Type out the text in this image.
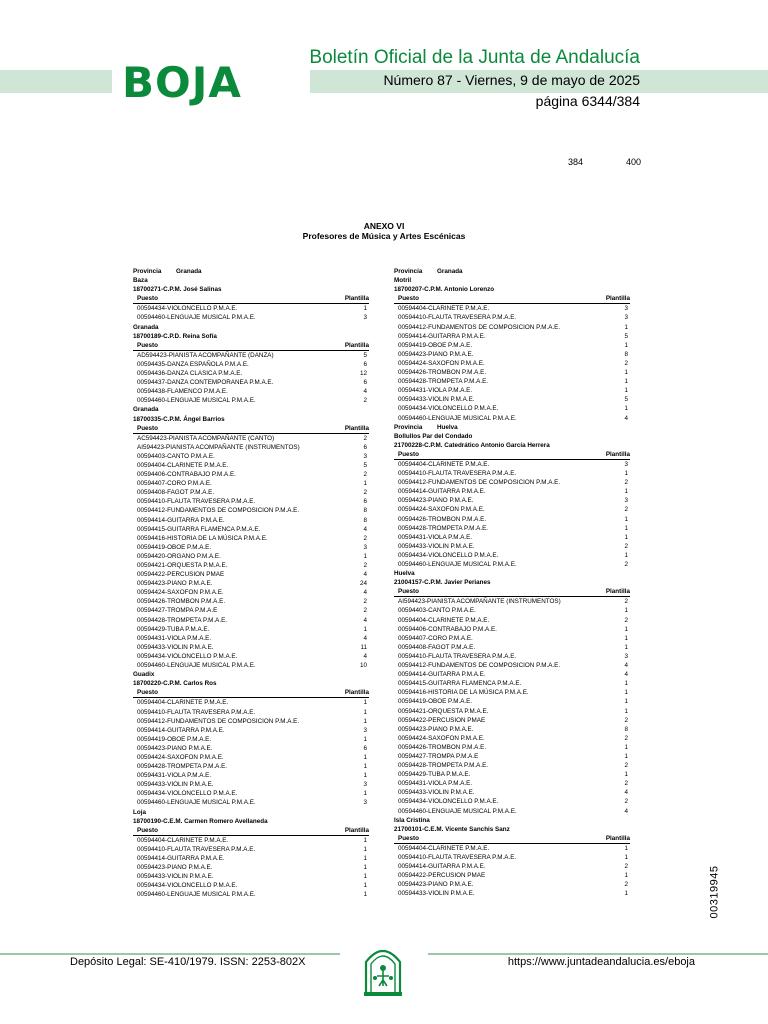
BOJA
Boletín Oficial de la Junta de Andalucía
Número 87 - Viernes, 9 de mayo de 2025
página 6344/384
384	400
ANEXO VI
Profesores de Música y Artes Escénicas
Provincia Granada
Baza
18700271-C.P.M. José Salinas
Puesto	Plantilla
00594434-VIOLONCELLO P.M.A.E.	1
00594460-LENGUAJE MUSICAL P.M.A.E.	3
Granada
18700189-C.P.D. Reina Sofía
Puesto	Plantilla
AD594423-PIANISTA ACOMPAÑANTE (DANZA)	5
00594435-DANZA ESPAÑOLA P.M.A.E.	6
00594436-DANZA CLASICA P.M.A.E.	12
00594437-DANZA CONTEMPORANEA P.M.A.E.	6
00594438-FLAMENCO P.M.A.E.	4
00594460-LENGUAJE MUSICAL P.M.A.E.	2
Granada
18700335-C.P.M. Ángel Barrios
Puesto	Plantilla
AC594423-PIANISTA ACOMPAÑANTE (CANTO)	2
AI594423-PIANISTA ACOMPAÑANTE (INSTRUMENTOS)	6
00594403-CANTO P.M.A.E.	3
00594404-CLARINETE P.M.A.E.	5
00594406-CONTRABAJO P.M.A.E.	2
00594407-CORO P.M.A.E.	1
00594408-FAGOT P.M.A.E.	2
00594410-FLAUTA TRAVESERA P.M.A.E.	6
00594412-FUNDAMENTOS DE COMPOSICION P.M.A.E.	8
00594414-GUITARRA P.M.A.E.	8
00594415-GUITARRA FLAMENCA P.M.A.E.	4
00594416-HISTORIA DE LA MÚSICA P.M.A.E.	2
00594419-OBOE P.M.A.E.	3
00594420-ORGANO P.M.A.E.	1
00594421-ORQUESTA P.M.A.E.	2
00594422-PERCUSION PMAE	4
00594423-PIANO P.M.A.E.	24
00594424-SAXOFON P.M.A.E.	4
00594426-TROMBON P.M.A.E.	2
00594427-TROMPA P.M.A.E	2
00594428-TROMPETA P.M.A.E.	4
00594429-TUBA P.M.A.E.	1
00594431-VIOLA P.M.A.E.	4
00594433-VIOLIN P.M.A.E.	11
00594434-VIOLONCELLO P.M.A.E.	4
00594460-LENGUAJE MUSICAL P.M.A.E.	10
Guadix
18700220-C.P.M. Carlos Ros
Puesto	Plantilla
00594404-CLARINETE P.M.A.E.	1
00594410-FLAUTA TRAVESERA P.M.A.E.	1
00594412-FUNDAMENTOS DE COMPOSICION P.M.A.E.	1
00594414-GUITARRA P.M.A.E.	3
00594419-OBOE P.M.A.E.	1
00594423-PIANO P.M.A.E.	6
00594424-SAXOFON P.M.A.E.	1
00594428-TROMPETA P.M.A.E.	1
00594431-VIOLA P.M.A.E.	1
00594433-VIOLIN P.M.A.E.	3
00594434-VIOLONCELLO P.M.A.E.	1
00594460-LENGUAJE MUSICAL P.M.A.E.	3
Loja
18700190-C.E.M. Carmen Romero Avellaneda
Puesto	Plantilla
00594404-CLARINETE P.M.A.E.	1
00594410-FLAUTA TRAVESERA P.M.A.E.	1
00594414-GUITARRA P.M.A.E.	1
00594423-PIANO P.M.A.E.	1
00594433-VIOLIN P.M.A.E.	1
00594434-VIOLONCELLO P.M.A.E.	1
00594460-LENGUAJE MUSICAL P.M.A.E.	1
Provincia Granada
Motril
18700207-C.P.M. Antonio Lorenzo
Puesto	Plantilla
00594404-CLARINETE P.M.A.E.	3
00594410-FLAUTA TRAVESERA P.M.A.E.	3
00594412-FUNDAMENTOS DE COMPOSICION P.M.A.E.	1
00594414-GUITARRA P.M.A.E.	5
00594419-OBOE P.M.A.E.	1
00594423-PIANO P.M.A.E.	8
00594424-SAXOFON P.M.A.E.	2
00594426-TROMBON P.M.A.E.	1
00594428-TROMPETA P.M.A.E.	1
00594431-VIOLA P.M.A.E.	1
00594433-VIOLIN P.M.A.E.	5
00594434-VIOLONCELLO P.M.A.E.	1
00594460-LENGUAJE MUSICAL P.M.A.E.	4
Provincia Huelva
Bollullos Par del Condado
21700228-C.P.M. Catedrático Antonio García Herrera
Puesto	Plantilla
00594404-CLARINETE P.M.A.E.	3
00594410-FLAUTA TRAVESERA P.M.A.E.	1
00594412-FUNDAMENTOS DE COMPOSICION P.M.A.E.	2
00594414-GUITARRA P.M.A.E.	1
00594423-PIANO P.M.A.E.	3
00594424-SAXOFON P.M.A.E.	2
00594426-TROMBON P.M.A.E.	1
00594428-TROMPETA P.M.A.E.	1
00594431-VIOLA P.M.A.E.	1
00594433-VIOLIN P.M.A.E.	2
00594434-VIOLONCELLO P.M.A.E.	1
00594460-LENGUAJE MUSICAL P.M.A.E.	2
Huelva
21004157-C.P.M. Javier Perianes
Puesto	Plantilla
AI594423-PIANISTA ACOMPAÑANTE (INSTRUMENTOS)	2
00594403-CANTO P.M.A.E.	1
00594404-CLARINETE P.M.A.E.	2
00594406-CONTRABAJO P.M.A.E.	1
00594407-CORO P.M.A.E.	1
00594408-FAGOT P.M.A.E.	1
00594410-FLAUTA TRAVESERA P.M.A.E.	3
00594412-FUNDAMENTOS DE COMPOSICION P.M.A.E.	4
00594414-GUITARRA P.M.A.E.	4
00594415-GUITARRA FLAMENCA P.M.A.E.	1
00594416-HISTORIA DE LA MÚSICA P.M.A.E.	1
00594419-OBOE P.M.A.E.	1
00594421-ORQUESTA P.M.A.E.	1
00594422-PERCUSION PMAE	2
00594423-PIANO P.M.A.E.	8
00594424-SAXOFON P.M.A.E.	2
00594426-TROMBON P.M.A.E.	1
00594427-TROMPA P.M.A.E	1
00594428-TROMPETA P.M.A.E.	2
00594429-TUBA P.M.A.E.	1
00594431-VIOLA P.M.A.E.	2
00594433-VIOLIN P.M.A.E.	4
00594434-VIOLONCELLO P.M.A.E.	2
00594460-LENGUAJE MUSICAL P.M.A.E.	4
Isla Cristina
21700101-C.E.M. Vicente Sanchis Sanz
Puesto	Plantilla
00594404-CLARINETE P.M.A.E.	1
00594410-FLAUTA TRAVESERA P.M.A.E.	1
00594414-GUITARRA P.M.A.E.	2
00594422-PERCUSION PMAE	1
00594423-PIANO P.M.A.E.	2
00594433-VIOLIN P.M.A.E.	1	00319945
Depósito Legal: SE-410/1979. ISSN: 2253-802X	https://www.juntadeandalucia.es/eboja
